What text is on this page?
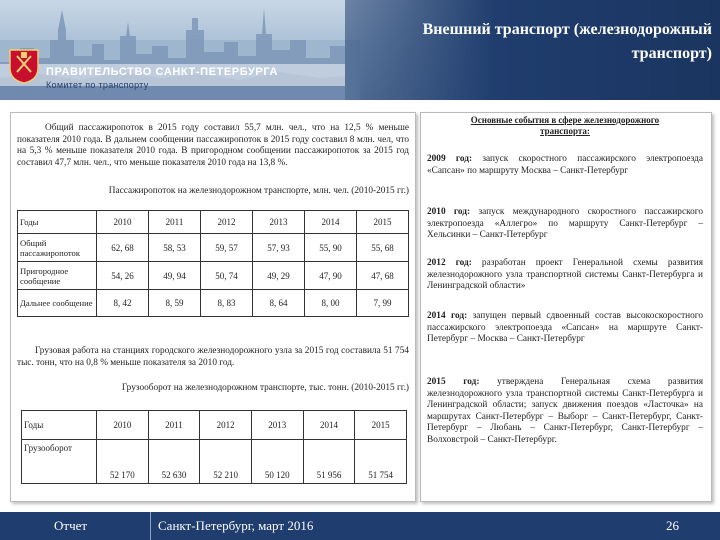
Внешний транспорт (железнодорожный транспорт)
ПРАВИТЕЛЬСТВО САНКТ-ПЕТЕРБУРГА
Комитет по транспорту
Общий пассажиропоток в 2015 году составил 55,7 млн. чел., что на 12,5 % меньше показателя 2010 года. В дальнем сообщении пассажиропоток в 2015 году составил 8 млн. чел, что на 5,3 % меньше показателя 2010 года. В пригородном сообщении пассажиропоток за 2015 год составил 47,7 млн. чел., что меньше показателя 2010 года на 13,8 %.
Пассажиропоток на железнодорожном транспорте, млн. чел. (2010-2015 гг.)
Годы	2010	2011	2012	2013	2014	2015
Общий пассажиропоток	62, 68	58, 53	59, 57	57, 93	55, 90	55, 68
Пригородное сообщение	54, 26	49, 94	50, 74	49, 29	47, 90	47, 68
Дальнее сообщение	8, 42	8, 59	8, 83	8, 64	8, 00	7, 99
Грузовая работа на станциях городского железнодорожного узла за 2015 год составила 51 754 тыс. тонн, что на 0,8 % меньше показателя за 2010 год.
Грузооборот на железнодорожном транспорте, тыс. тонн. (2010-2015 гг.)
Годы	2010	2011	2012	2013	2014	2015
Грузооборот	52 170	52 630	52 210	50 120	51 956	51 754
Основные события в сфере железнодорожного транспорта:
2009 год: запуск скоростного пассажирского электропоезда «Сапсан» по маршруту Москва – Санкт-Петербург
2010 год: запуск международного скоростного пассажирского электропоезда «Аллегро» по маршруту Санкт-Петербург – Хельсинки – Санкт-Петербург
2012 год: разработан проект Генеральной схемы развития железнодорожного узла транспортной системы Санкт-Петербурга и Ленинградской области»
2014 год: запущен первый сдвоенный состав высокоскоростного пассажирского электропоезда «Сапсан» на маршруте Санкт-Петербург – Москва – Санкт-Петербург
2015 год: утверждена Генеральная схема развития железнодорожного узла транспортной системы Санкт-Петербурга и Ленинградской области; запуск движения поездов «Ласточка» на маршрутах Санкт-Петербург – Выборг – Санкт-Петербург, Санкт-Петербург – Любань – Санкт-Петербург, Санкт-Петербург – Волховстрой – Санкт-Петербург.
Отчет	Санкт-Петербург, март 2016	26
